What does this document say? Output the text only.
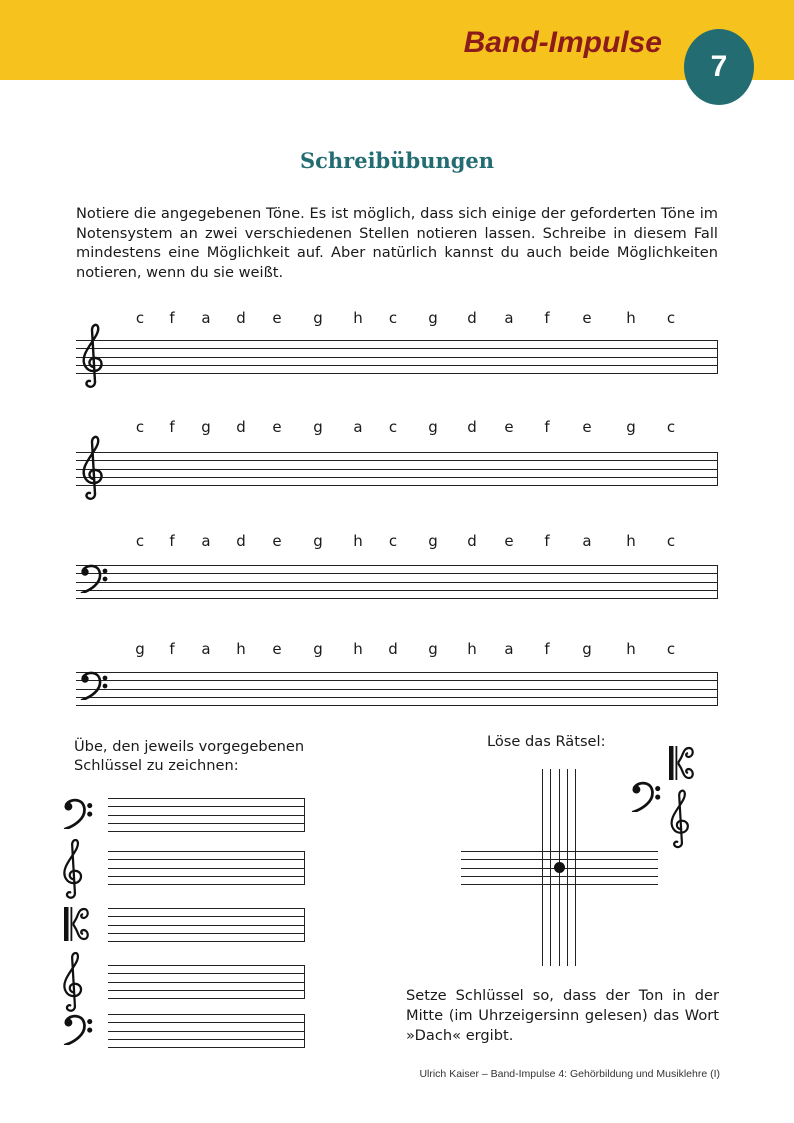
Band-Impulse
7
Schreibübungen
Notiere die angegebenen Töne. Es ist möglich, dass sich einige der geforderten Töne im Notensystem an zwei verschiedenen Stellen notieren lassen. Schreibe in diesem Fall mindestens eine Möglichkeit auf. Aber natürlich kannst du auch beide Möglichkeiten notieren, wenn du sie weißt.
c	f	a	d	e	g	h	c	g	d	a	f	e	h	c
c	f	g	d	e	g	a	c	g	d	e	f	e	g	c
c	f	a	d	e	g	h	c	g	d	e	f	a	h	c
g	f	a	h	e	g	h	d	g	h	a	f	g	h	c
Übe, den jeweils vorgegebenen Schlüssel zu zeichnen:
Löse das Rätsel:
Setze Schlüssel so, dass der Ton in der Mitte (im Uhrzeigersinn gelesen) das Wort »Dach« ergibt.
Ulrich Kaiser – Band-Impulse 4: Gehörbildung und Musiklehre (I)
